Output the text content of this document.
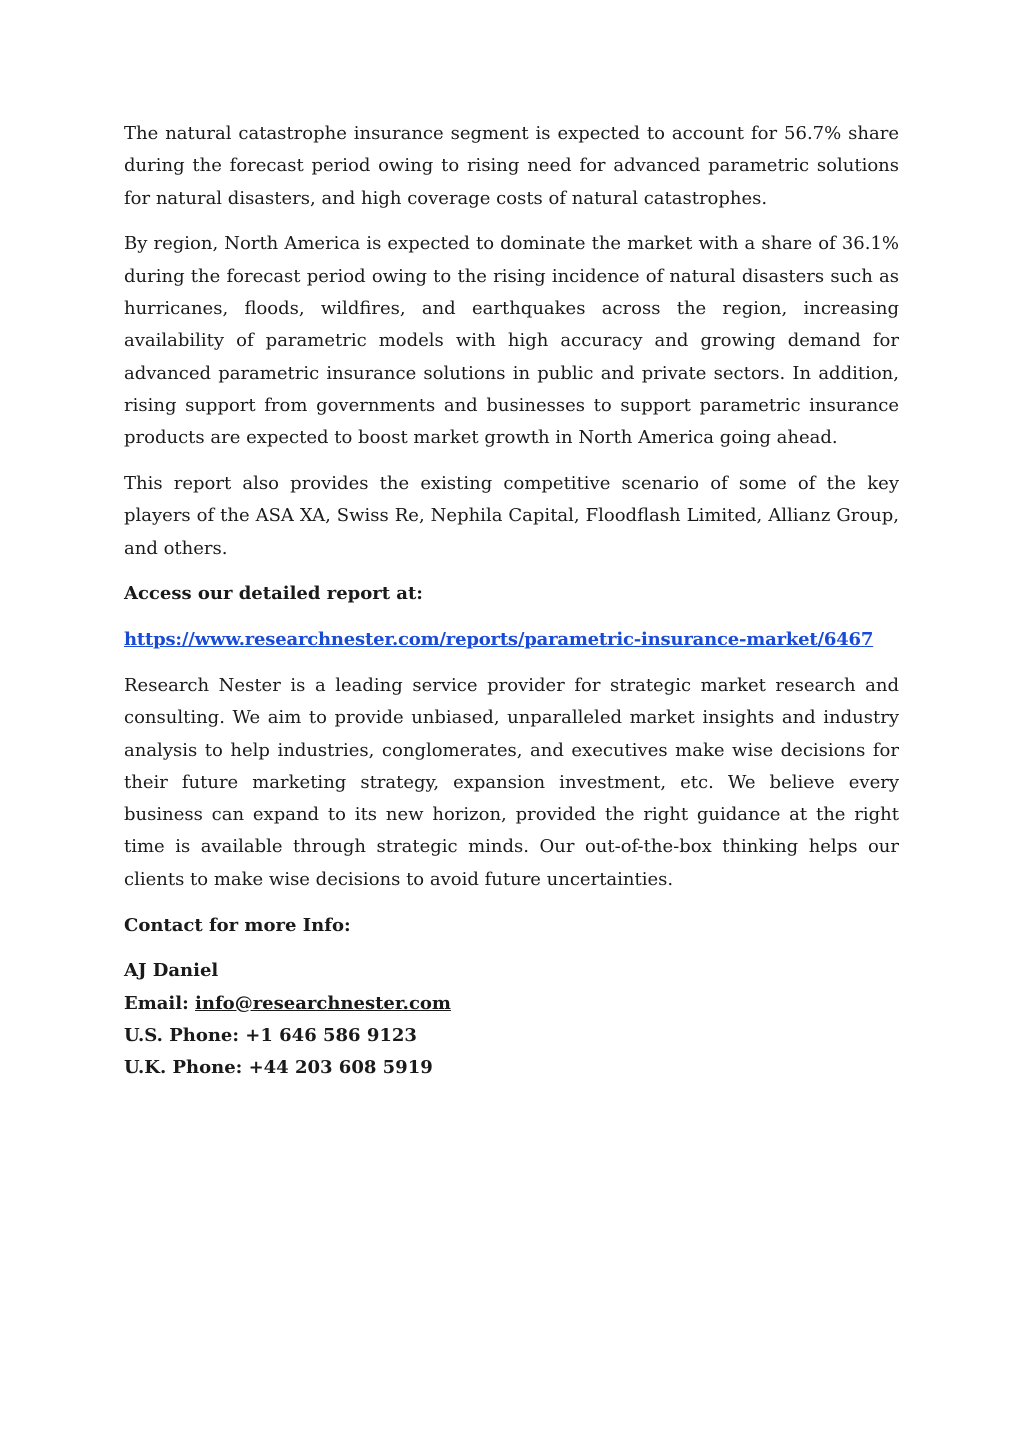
The natural catastrophe insurance segment is expected to account for 56.7% share during the forecast period owing to rising need for advanced parametric solutions for natural disasters, and high coverage costs of natural catastrophes.

By region, North America is expected to dominate the market with a share of 36.1% during the forecast period owing to the rising incidence of natural disasters such as hurricanes, floods, wildfires, and earthquakes across the region, increasing availability of parametric models with high accuracy and growing demand for advanced parametric insurance solutions in public and private sectors. In addition, rising support from governments and businesses to support parametric insurance products are expected to boost market growth in North America going ahead.

This report also provides the existing competitive scenario of some of the key players of the ASA XA, Swiss Re, Nephila Capital, Floodflash Limited, Allianz Group, and others.

Access our detailed report at:

https://www.researchnester.com/reports/parametric-insurance-market/6467

Research Nester is a leading service provider for strategic market research and consulting. We aim to provide unbiased, unparalleled market insights and industry analysis to help industries, conglomerates, and executives make wise decisions for their future marketing strategy, expansion investment, etc. We believe every business can expand to its new horizon, provided the right guidance at the right time is available through strategic minds. Our out-of-the-box thinking helps our clients to make wise decisions to avoid future uncertainties.

Contact for more Info:

AJ Daniel
Email: info@researchnester.com
U.S. Phone: +1 646 586 9123
U.K. Phone: +44 203 608 5919
